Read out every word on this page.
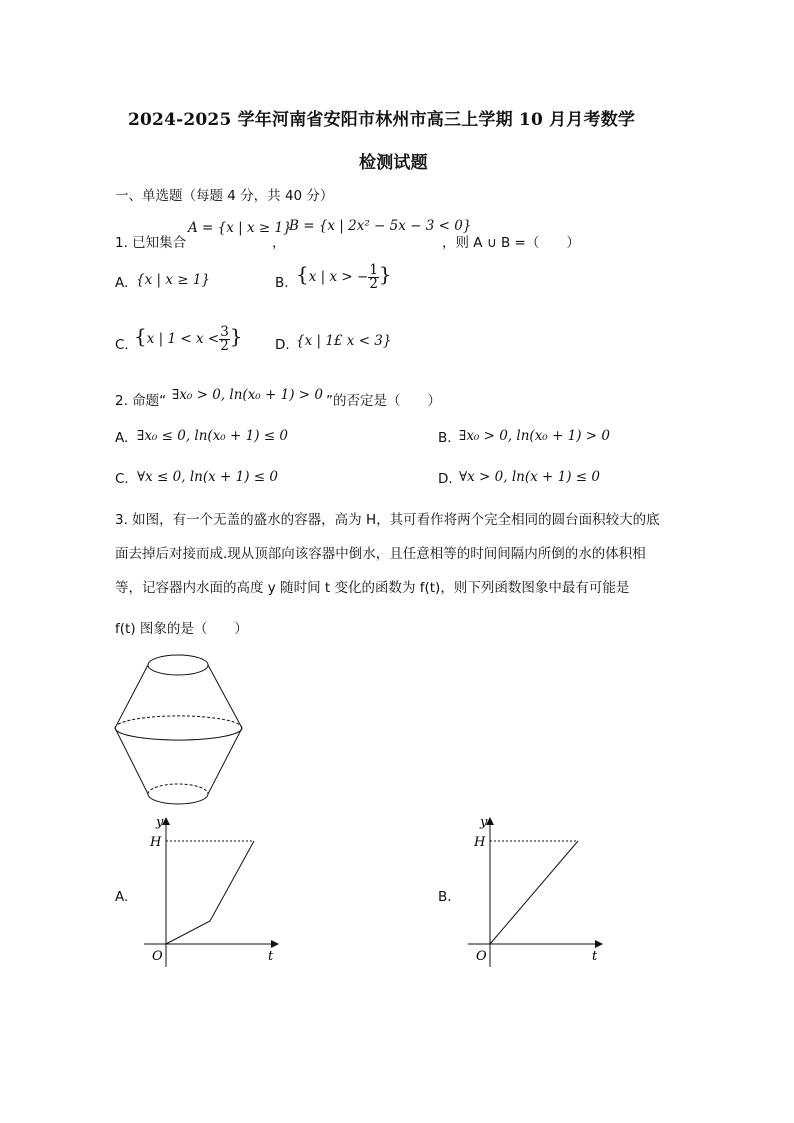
2024-2025 学年河南省安阳市林州市高三上学期 10 月月考数学
检测试题
一、单选题（每题 4 分，共 40 分）
1. 已知集合
A = {x | x ≥ 1}
，
B = {x | 2x² − 5x − 3 < 0}
，则 A ∪ B =（　　）
A. {x | x ≥ 1}	B. {x | x > − $\frac{1}{2}$ }
C. {x | $1 < x < \frac{3}{2}$ } D. {x | 1£ x < 3}
2. 命题“ ∃x₀ > 0, ln(x₀ + 1) > 0 ”的否定是（　　）
A. ∃x₀ ≤ 0, ln(x₀ + 1) ≤ 0	B. ∃x₀ > 0, ln(x₀ + 1) > 0
C. ∀x ≤ 0, ln(x + 1) ≤ 0	D. ∀x > 0, ln(x + 1) ≤ 0
3. 如图，有一个无盖的盛水的容器，高为 H，其可看作将两个完全相同的圆台面积较大的底
面去掉后对接而成.现从顶部向该容器中倒水，且任意相等的时间间隔内所倒的水的体积相
等，记容器内水面的高度 y 随时间 t 变化的函数为 f(t)，则下列函数图象中最有可能是
f(t) 图象的是（　　）
A.
y
H
O	t
B.
y
H
O	t
